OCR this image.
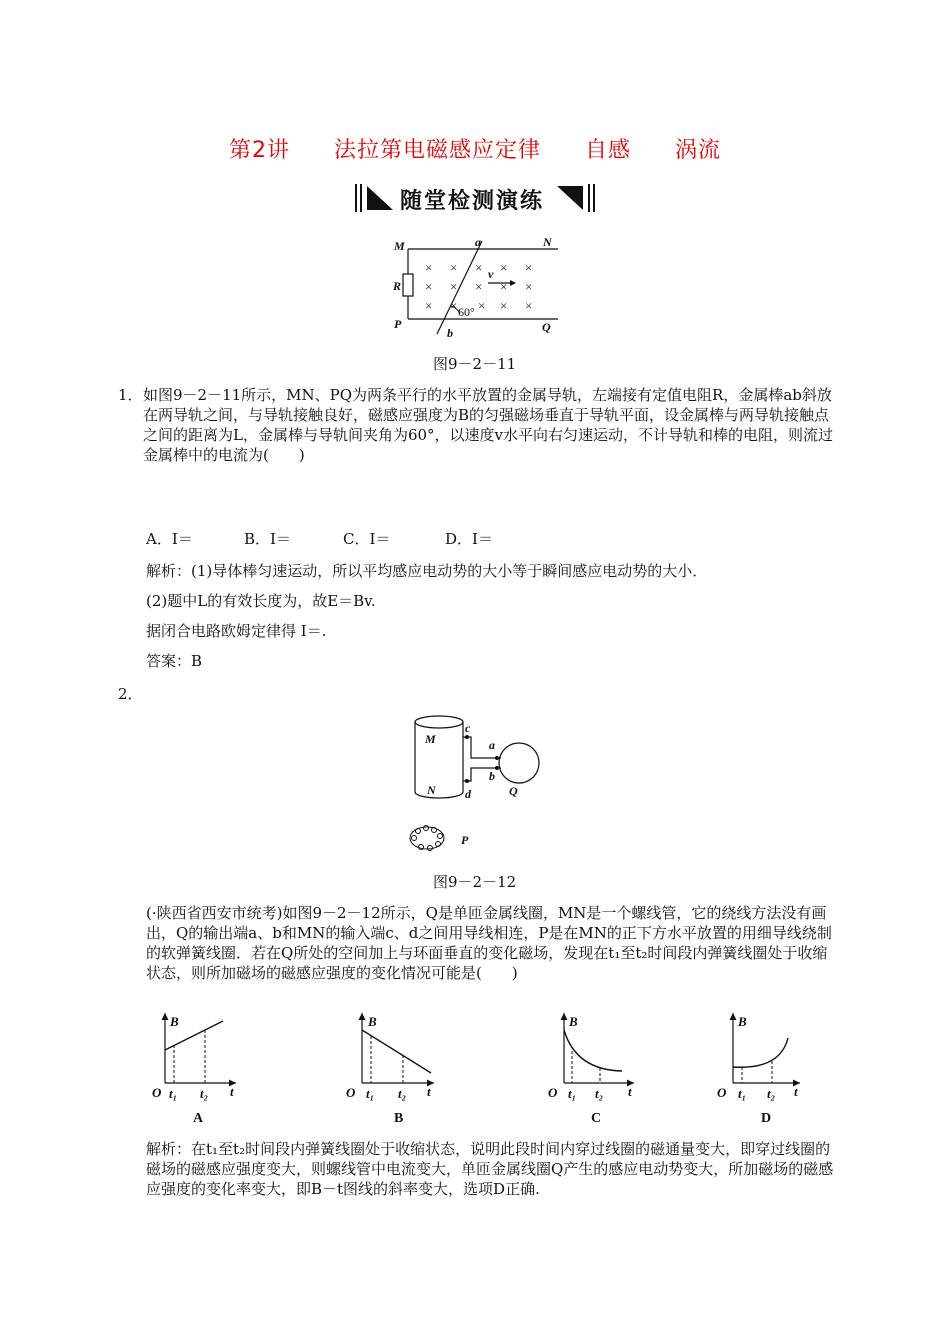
第2讲 法拉第电磁感应定律 自感 涡流
随堂检测演练
× × × × ×
× × × × ×
× × × × ×
M	N
P	Q
R
a
b
v
60°
图9－2－11
1． 如图9－2－11所示，MN、PQ为两条平行的水平放置的金属导轨，左端接有定值电阻R，金属棒ab斜放在两导轨之间，与导轨接触良好，磁感应强度为B的匀强磁场垂直于导轨平面，设金属棒与两导轨接触点之间的距离为L，金属棒与导轨间夹角为60°，以速度v水平向右匀速运动，不计导轨和棒的电阻，则流过金属棒中的电流为(　　)
A．I＝	B．I＝	C．I＝	D．I＝
解析：(1)导体棒匀速运动，所以平均感应电动势的大小等于瞬间感应电动势的大小．
(2)题中L的有效长度为，故E＝Bv.
据闭合电路欧姆定律得 I＝.
答案：B
2．
M
N
c
a
b
d	Q
P
图9－2－12
(·陕西省西安市统考)如图9－2－12所示，Q是单匝金属线圈，MN是一个螺线管，它的绕线方法没有画出，Q的输出端a、b和MN的输入端c、d之间用导线相连，P是在MN的正下方水平放置的用细导线绕制的软弹簧线圈．若在Q所处的空间加上与环面垂直的变化磁场，发现在t₁至t₂时间段内弹簧线圈处于收缩状态，则所加磁场的磁感应强度的变化情况可能是(　　)
O
B
t
t₁ t₂
A
O
B
t
t₁ t₂
B
O
B
t
t₁ t₂
C
O
B
t
t₁ t₂
D
解析：在t₁至t₂时间段内弹簧线圈处于收缩状态，说明此段时间内穿过线圈的磁通量变大，即穿过线圈的磁场的磁感应强度变大，则螺线管中电流变大，单匝金属线圈Q产生的感应电动势变大，所加磁场的磁感应强度的变化率变大，即B－t图线的斜率变大，选项D正确.
